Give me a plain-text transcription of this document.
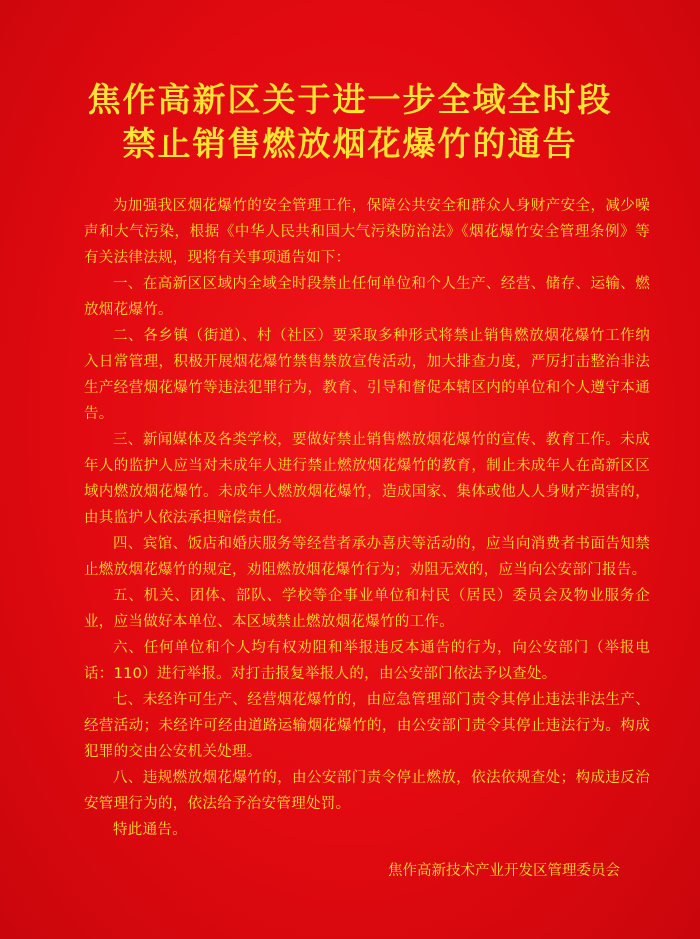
焦作高新区关于进一步全域全时段
禁止销售燃放烟花爆竹的通告

为加强我区烟花爆竹的安全管理工作，保障公共安全和群众人身财产安全，减少噪声和大气污染，根据《中华人民共和国大气污染防治法》《烟花爆竹安全管理条例》等有关法律法规，现将有关事项通告如下：

一、在高新区区域内全域全时段禁止任何单位和个人生产、经营、储存、运输、燃放烟花爆竹。

二、各乡镇（街道）、村（社区）要采取多种形式将禁止销售燃放烟花爆竹工作纳入日常管理，积极开展烟花爆竹禁售禁放宣传活动，加大排查力度，严厉打击整治非法生产经营烟花爆竹等违法犯罪行为，教育、引导和督促本辖区内的单位和个人遵守本通告。

三、新闻媒体及各类学校，要做好禁止销售燃放烟花爆竹的宣传、教育工作。未成年人的监护人应当对未成年人进行禁止燃放烟花爆竹的教育，制止未成年人在高新区区域内燃放烟花爆竹。未成年人燃放烟花爆竹，造成国家、集体或他人人身财产损害的，由其监护人依法承担赔偿责任。

四、宾馆、饭店和婚庆服务等经营者承办喜庆等活动的，应当向消费者书面告知禁止燃放烟花爆竹的规定，劝阻燃放烟花爆竹行为；劝阻无效的，应当向公安部门报告。

五、机关、团体、部队、学校等企事业单位和村民（居民）委员会及物业服务企业，应当做好本单位、本区域禁止燃放烟花爆竹的工作。

六、任何单位和个人均有权劝阻和举报违反本通告的行为，向公安部门（举报电话：110）进行举报。对打击报复举报人的，由公安部门依法予以查处。

七、未经许可生产、经营烟花爆竹的，由应急管理部门责令其停止违法非法生产、经营活动；未经许可经由道路运输烟花爆竹的，由公安部门责令其停止违法行为。构成犯罪的交由公安机关处理。

八、违规燃放烟花爆竹的，由公安部门责令停止燃放，依法依规查处；构成违反治安管理行为的，依法给予治安管理处罚。

特此通告。

焦作高新技术产业开发区管理委员会
